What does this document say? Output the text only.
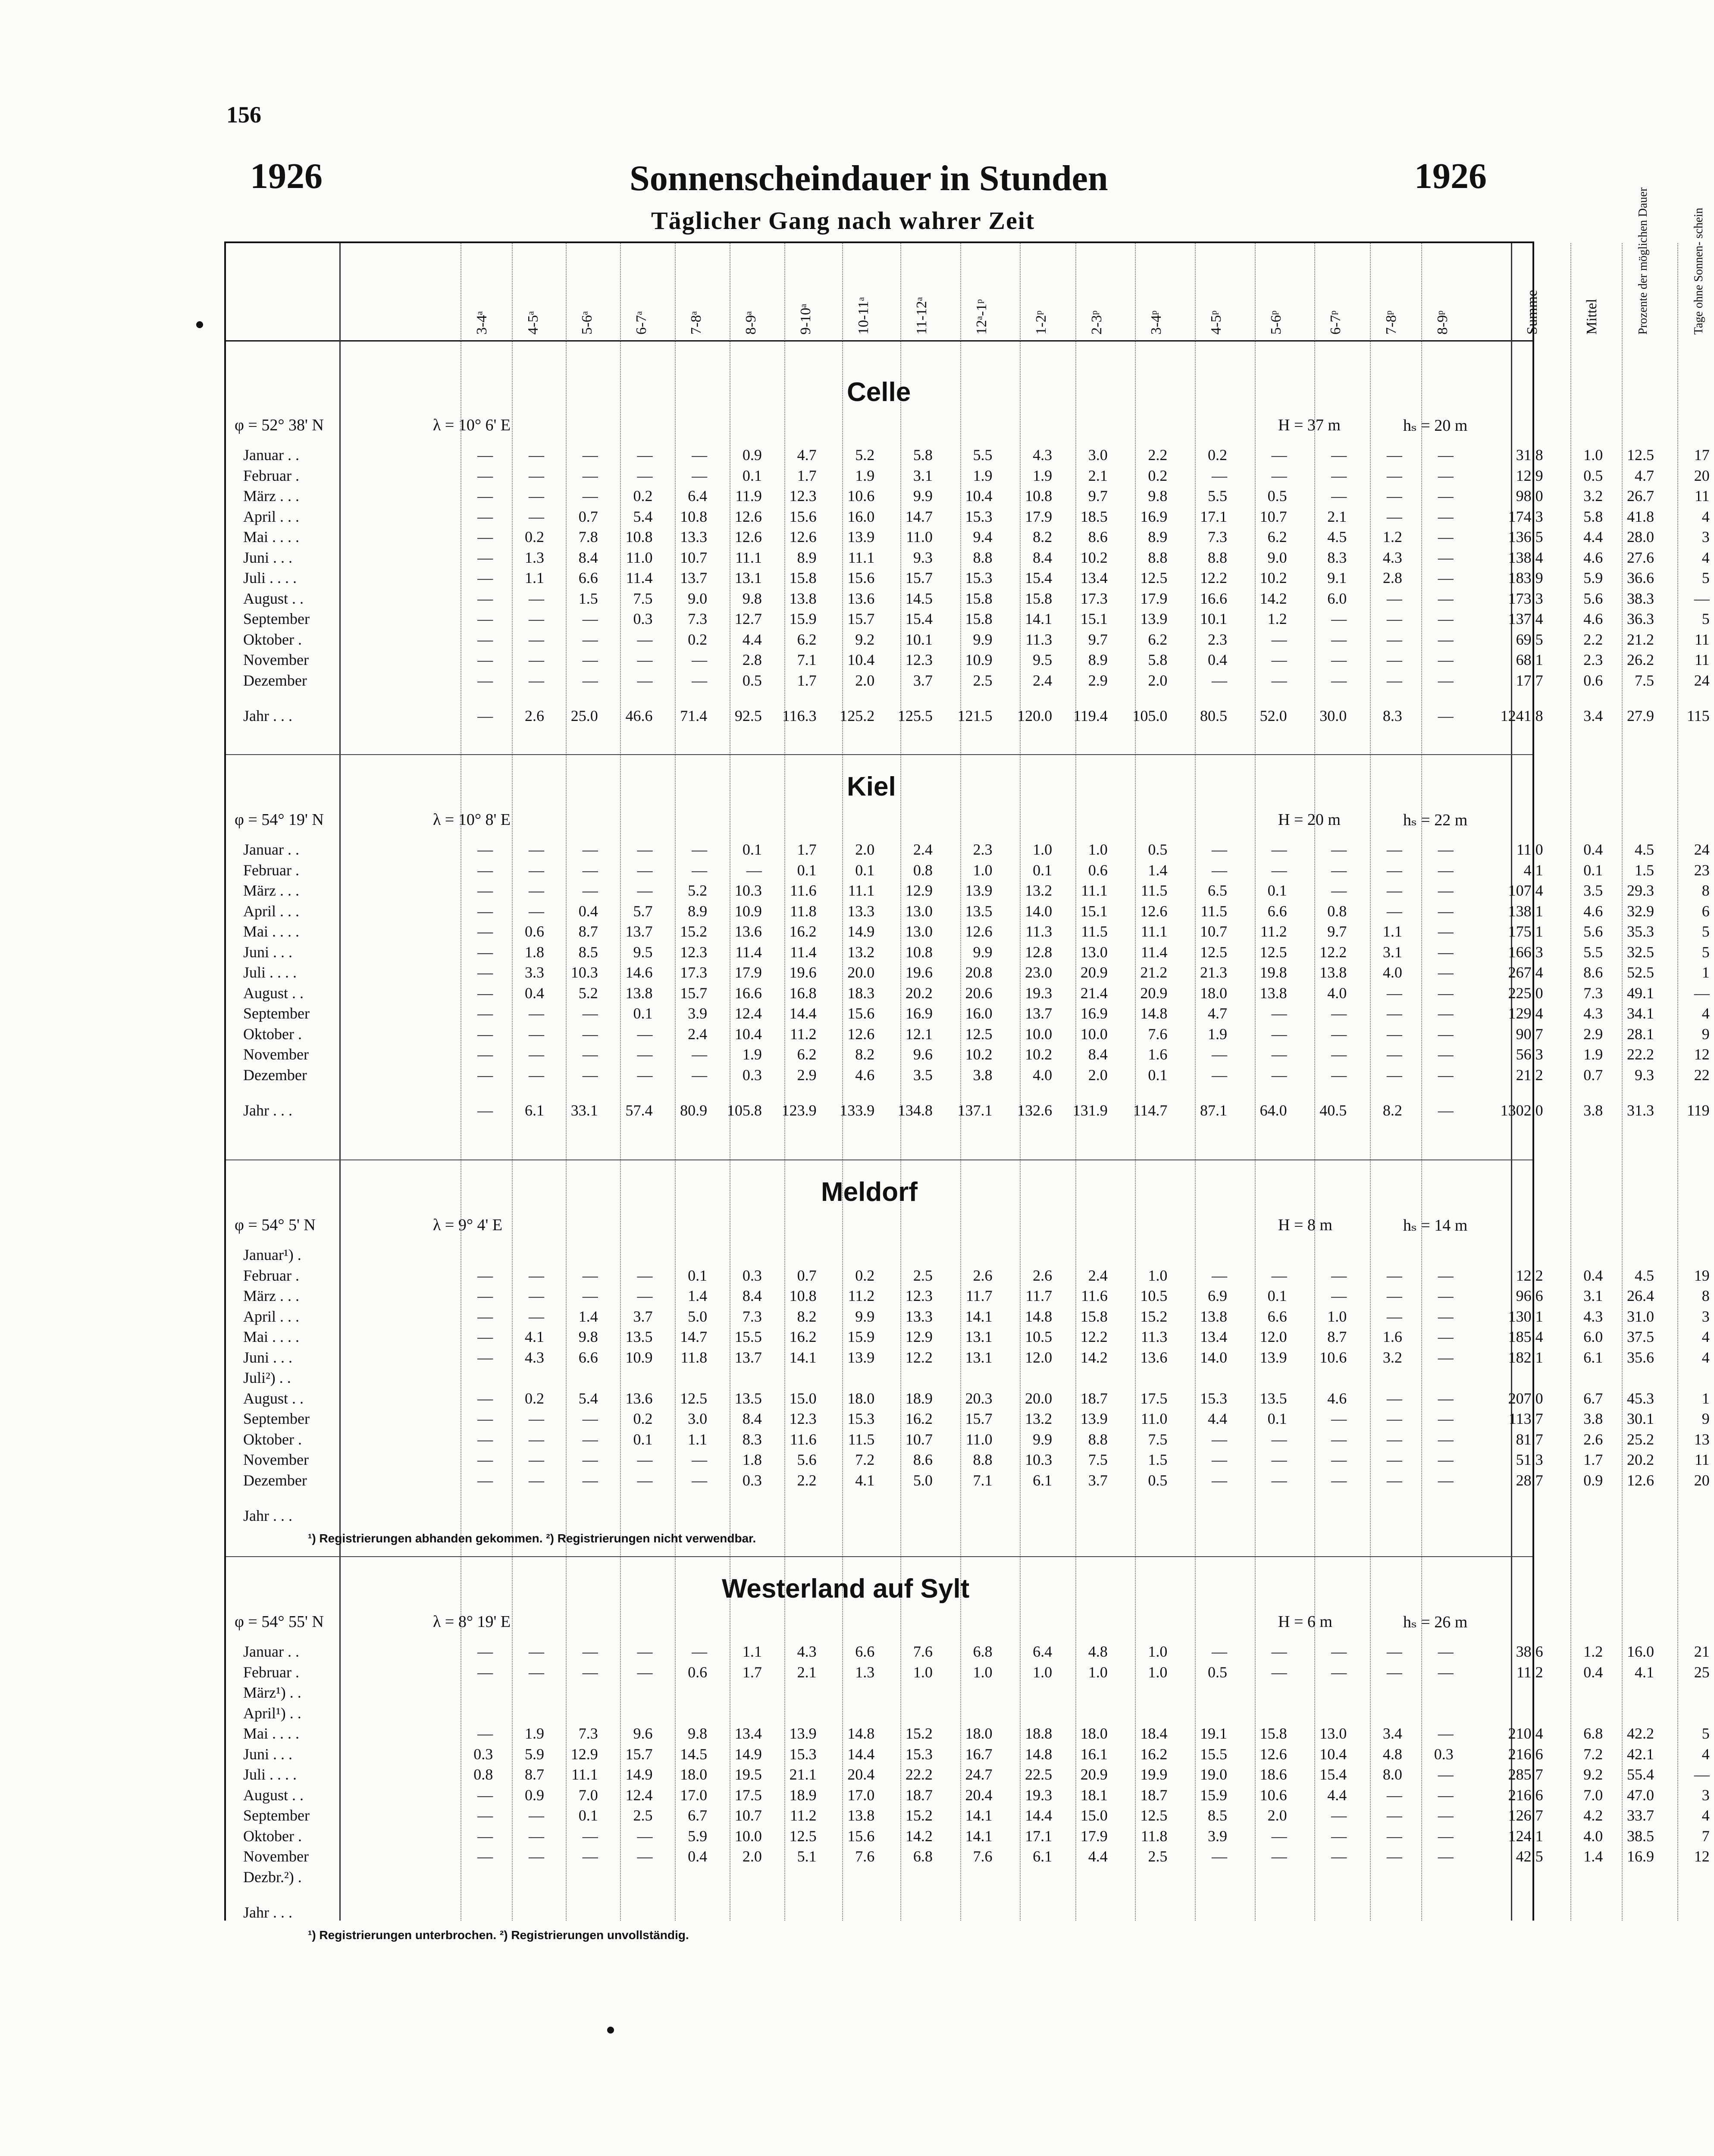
156
1926	Sonnenscheindauer in Stunden	1926
Täglicher Gang nach wahrer Zeit
3-4ᵃ 4-5ᵃ	5-6ᵃ	6-7ᵃ	7-8ᵃ	8-9ᵃ	9-10ᵃ	10-11ᵃ	11-12ᵃ	12ᵃ-1ᵖ	1-2ᵖ	2-3ᵖ	3-4ᵖ	4-5ᵖ	5-6ᵖ	6-7ᵖ	7-8ᵖ 8-9ᵖ	Summe	Mittel	Prozente der möglichen Dauer	Tage ohne Sonnen- schein
Celle
φ = 52° 38' N	λ = 10° 6' E	H = 37 m	hₛ = 20 m
Januar . .	—	—	—	—	—	0.9	4.7	5.2	5.8	5.5	4.3	3.0	2.2	0.2	—	—	—	—	31.8	1.0	12.5	17
Februar .	—	—	—	—	—	0.1	1.7	1.9	3.1	1.9	1.9	2.1	0.2	—	—	—	—	—	12.9	0.5	4.7	20
März . . .	—	—	—	0.2	6.4	11.9	12.3	10.6	9.9	10.4	10.8	9.7	9.8	5.5	0.5	—	—	—	98.0	3.2	26.7	11
April . . .	—	—	0.7	5.4	10.8	12.6	15.6	16.0	14.7	15.3	17.9	18.5	16.9	17.1	10.7	2.1	—	—	174.3	5.8	41.8	4
Mai . . . .	—	0.2	7.8	10.8	13.3	12.6	12.6	13.9	11.0	9.4	8.2	8.6	8.9	7.3	6.2	4.5	1.2	—	136.5	4.4	28.0	3
Juni . . .	—	1.3	8.4	11.0	10.7	11.1	8.9	11.1	9.3	8.8	8.4	10.2	8.8	8.8	9.0	8.3	4.3	—	138.4	4.6	27.6	4
Juli . . . .	—	1.1	6.6	11.4	13.7	13.1	15.8	15.6	15.7	15.3	15.4	13.4	12.5	12.2	10.2	9.1	2.8	—	183.9	5.9	36.6	5
August . .	—	—	1.5	7.5	9.0	9.8	13.8	13.6	14.5	15.8	15.8	17.3	17.9	16.6	14.2	6.0	—	—	173.3	5.6	38.3	—
September	—	—	—	0.3	7.3	12.7	15.9	15.7	15.4	15.8	14.1	15.1	13.9	10.1	1.2	—	—	—	137.4	4.6	36.3	5
Oktober .	—	—	—	—	0.2	4.4	6.2	9.2	10.1	9.9	11.3	9.7	6.2	2.3	—	—	—	—	69.5	2.2	21.2	11
November	—	—	—	—	—	2.8	7.1	10.4	12.3	10.9	9.5	8.9	5.8	0.4	—	—	—	—	68.1	2.3	26.2	11
Dezember	—	—	—	—	—	0.5	1.7	2.0	3.7	2.5	2.4	2.9	2.0	—	—	—	—	—	17.7	0.6	7.5	24
Jahr . . .	—	2.6	25.0	46.6	71.4	92.5	116.3	125.2	125.5	121.5	120.0	119.4	105.0	80.5	52.0	30.0	8.3	—	1241.8	3.4	27.9	115
Kiel
φ = 54° 19' N	λ = 10° 8' E	H = 20 m	hₛ = 22 m
Januar . .	—	—	—	—	—	0.1	1.7	2.0	2.4	2.3	1.0	1.0	0.5	—	—	—	—	—	11.0	0.4	4.5	24
Februar .	—	—	—	—	—	—	0.1	0.1	0.8	1.0	0.1	0.6	1.4	—	—	—	—	—	4.1	0.1	1.5	23
März . . .	—	—	—	—	5.2	10.3	11.6	11.1	12.9	13.9	13.2	11.1	11.5	6.5	0.1	—	—	—	107.4	3.5	29.3	8
April . . .	—	—	0.4	5.7	8.9	10.9	11.8	13.3	13.0	13.5	14.0	15.1	12.6	11.5	6.6	0.8	—	—	138.1	4.6	32.9	6
Mai . . . .	—	0.6	8.7	13.7	15.2	13.6	16.2	14.9	13.0	12.6	11.3	11.5	11.1	10.7	11.2	9.7	1.1	—	175.1	5.6	35.3	5
Juni . . .	—	1.8	8.5	9.5	12.3	11.4	11.4	13.2	10.8	9.9	12.8	13.0	11.4	12.5	12.5	12.2	3.1	—	166.3	5.5	32.5	5
Juli . . . .	—	3.3	10.3	14.6	17.3	17.9	19.6	20.0	19.6	20.8	23.0	20.9	21.2	21.3	19.8	13.8	4.0	—	267.4	8.6	52.5	1
August . .	—	0.4	5.2	13.8	15.7	16.6	16.8	18.3	20.2	20.6	19.3	21.4	20.9	18.0	13.8	4.0	—	—	225.0	7.3	49.1	—
September	—	—	—	0.1	3.9	12.4	14.4	15.6	16.9	16.0	13.7	16.9	14.8	4.7	—	—	—	—	129.4	4.3	34.1	4
Oktober .	—	—	—	—	2.4	10.4	11.2	12.6	12.1	12.5	10.0	10.0	7.6	1.9	—	—	—	—	90.7	2.9	28.1	9
November	—	—	—	—	—	1.9	6.2	8.2	9.6	10.2	10.2	8.4	1.6	—	—	—	—	—	56.3	1.9	22.2	12
Dezember	—	—	—	—	—	0.3	2.9	4.6	3.5	3.8	4.0	2.0	0.1	—	—	—	—	—	21.2	0.7	9.3	22
Jahr . . .	—	6.1	33.1	57.4	80.9	105.8	123.9	133.9	134.8	137.1	132.6	131.9	114.7	87.1	64.0	40.5	8.2	—	1302.0	3.8	31.3	119
Meldorf
φ = 54° 5' N	λ = 9° 4' E	H = 8 m	hₛ = 14 m
Januar¹) .
Februar .	—	—	—	—	0.1	0.3	0.7	0.2	2.5	2.6	2.6	2.4	1.0	—	—	—	—	—	12.2	0.4	4.5	19
März . . .	—	—	—	—	1.4	8.4	10.8	11.2	12.3	11.7	11.7	11.6	10.5	6.9	0.1	—	—	—	96.6	3.1	26.4	8
April . . .	—	—	1.4	3.7	5.0	7.3	8.2	9.9	13.3	14.1	14.8	15.8	15.2	13.8	6.6	1.0	—	—	130.1	4.3	31.0	3
Mai . . . .	—	4.1	9.8	13.5	14.7	15.5	16.2	15.9	12.9	13.1	10.5	12.2	11.3	13.4	12.0	8.7	1.6	—	185.4	6.0	37.5	4
Juni . . .	—	4.3	6.6	10.9	11.8	13.7	14.1	13.9	12.2	13.1	12.0	14.2	13.6	14.0	13.9	10.6	3.2	—	182.1	6.1	35.6	4
Juli²) . .
August . .	—	0.2	5.4	13.6	12.5	13.5	15.0	18.0	18.9	20.3	20.0	18.7	17.5	15.3	13.5	4.6	—	—	207.0	6.7	45.3	1
September	—	—	—	0.2	3.0	8.4	12.3	15.3	16.2	15.7	13.2	13.9	11.0	4.4	0.1	—	—	—	113.7	3.8	30.1	9
Oktober .	—	—	—	0.1	1.1	8.3	11.6	11.5	10.7	11.0	9.9	8.8	7.5	—	—	—	—	—	81.7	2.6	25.2	13
November	—	—	—	—	—	1.8	5.6	7.2	8.6	8.8	10.3	7.5	1.5	—	—	—	—	—	51.3	1.7	20.2	11
Dezember	—	—	—	—	—	0.3	2.2	4.1	5.0	7.1	6.1	3.7	0.5	—	—	—	—	—	28.7	0.9	12.6	20
Jahr . . .
¹) Registrierungen abhanden gekommen. ²) Registrierungen nicht verwendbar.
Westerland auf Sylt
φ = 54° 55' N	λ = 8° 19' E	H = 6 m	hₛ = 26 m
Januar . .	—	—	—	—	—	1.1	4.3	6.6	7.6	6.8	6.4	4.8	1.0	—	—	—	—	—	38.6	1.2	16.0	21
Februar .	—	—	—	—	0.6	1.7	2.1	1.3	1.0	1.0	1.0	1.0	1.0	0.5	—	—	—	—	11.2	0.4	4.1	25
März¹) . .
April¹) . .
Mai . . . .	—	1.9	7.3	9.6	9.8	13.4	13.9	14.8	15.2	18.0	18.8	18.0	18.4	19.1	15.8	13.0	3.4	—	210.4	6.8	42.2	5
Juni . . .	0.3	5.9	12.9	15.7	14.5	14.9	15.3	14.4	15.3	16.7	14.8	16.1	16.2	15.5	12.6	10.4	4.8	0.3	216.6	7.2	42.1	4
Juli . . . .	0.8	8.7	11.1	14.9	18.0	19.5	21.1	20.4	22.2	24.7	22.5	20.9	19.9	19.0	18.6	15.4	8.0	—	285.7	9.2	55.4	—
August . .	—	0.9	7.0	12.4	17.0	17.5	18.9	17.0	18.7	20.4	19.3	18.1	18.7	15.9	10.6	4.4	—	—	216.6	7.0	47.0	3
September	—	—	0.1	2.5	6.7	10.7	11.2	13.8	15.2	14.1	14.4	15.0	12.5	8.5	2.0	—	—	—	126.7	4.2	33.7	4
Oktober .	—	—	—	—	5.9	10.0	12.5	15.6	14.2	14.1	17.1	17.9	11.8	3.9	—	—	—	—	124.1	4.0	38.5	7
November	—	—	—	—	0.4	2.0	5.1	7.6	6.8	7.6	6.1	4.4	2.5	—	—	—	—	—	42.5	1.4	16.9	12
Dezbr.²) .
Jahr . . .
¹) Registrierungen unterbrochen. ²) Registrierungen unvollständig.
